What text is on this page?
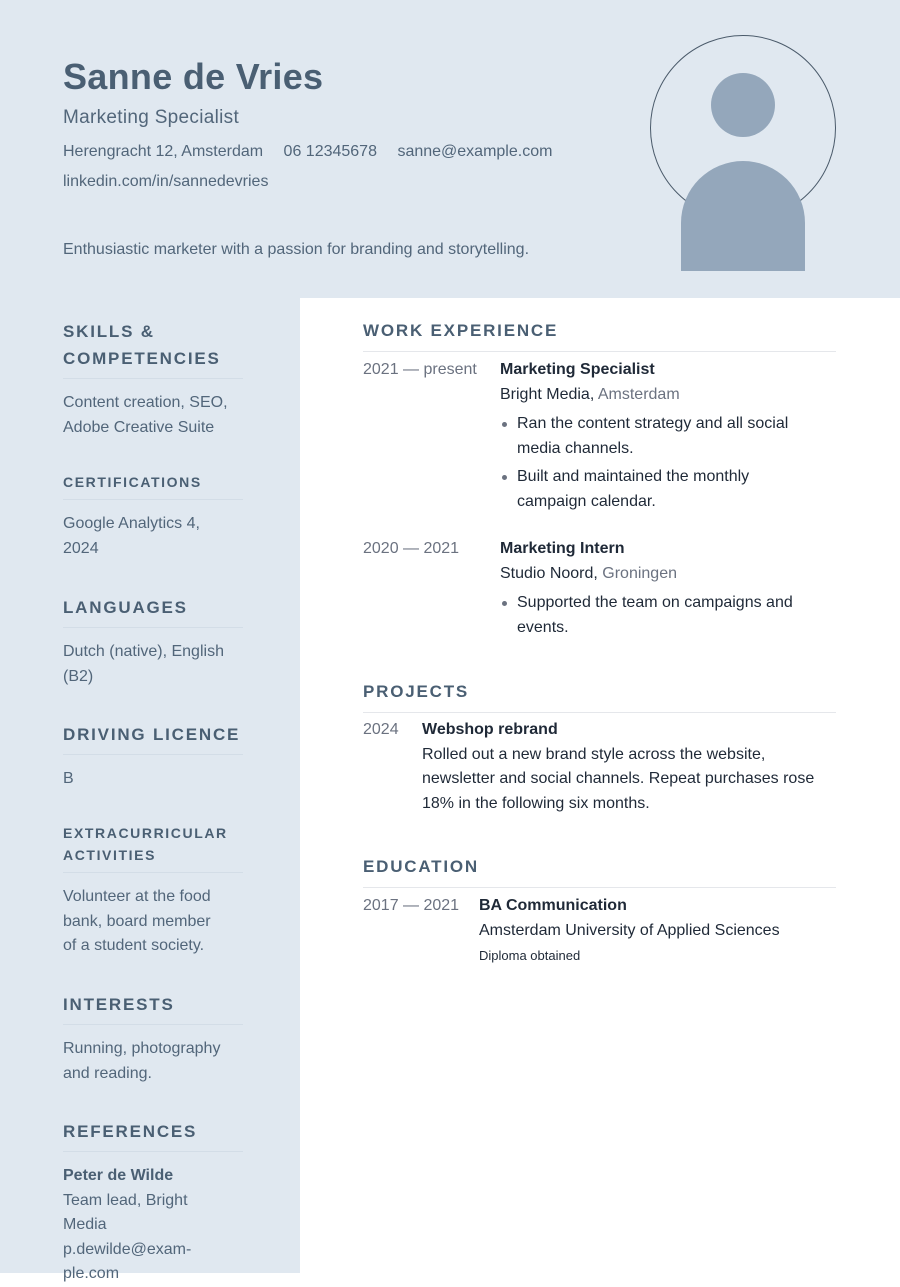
Sanne de Vries
Marketing Specialist
Herengracht 12, Amsterdam 06 12345678 sanne@example.com
linkedin.com/in/sannedevries
Enthusiastic marketer with a passion for branding and storytelling.
SKILLS & COMPETENCIES
Content creation, SEO, Adobe Creative Suite
CERTIFICATIONS
Google Analytics 4, 2024
LANGUAGES
Dutch (native), English (B2)
DRIVING LICENCE
B
EXTRACURRICULAR ACTIVITIES
Volunteer at the food bank, board member of a student society.
INTERESTS
Running, photography and reading.
REFERENCES
Peter de Wilde
Team lead, Bright Media
p.dewilde@exam-ple.com
WORK EXPERIENCE
2021 — present Marketing Specialist
Bright Media, Amsterdam
Ran the content strategy and all social media channels.
Built and maintained the monthly campaign calendar.
2020 — 2021	Marketing Intern
Studio Noord, Groningen
Supported the team on campaigns and events.
PROJECTS
2024 Webshop rebrand
Rolled out a new brand style across the website, newsletter and social channels. Repeat purchases rose 18% in the following six months.
EDUCATION
2017 — 2021 BA Communication
Amsterdam University of Applied Sciences
Diploma obtained
